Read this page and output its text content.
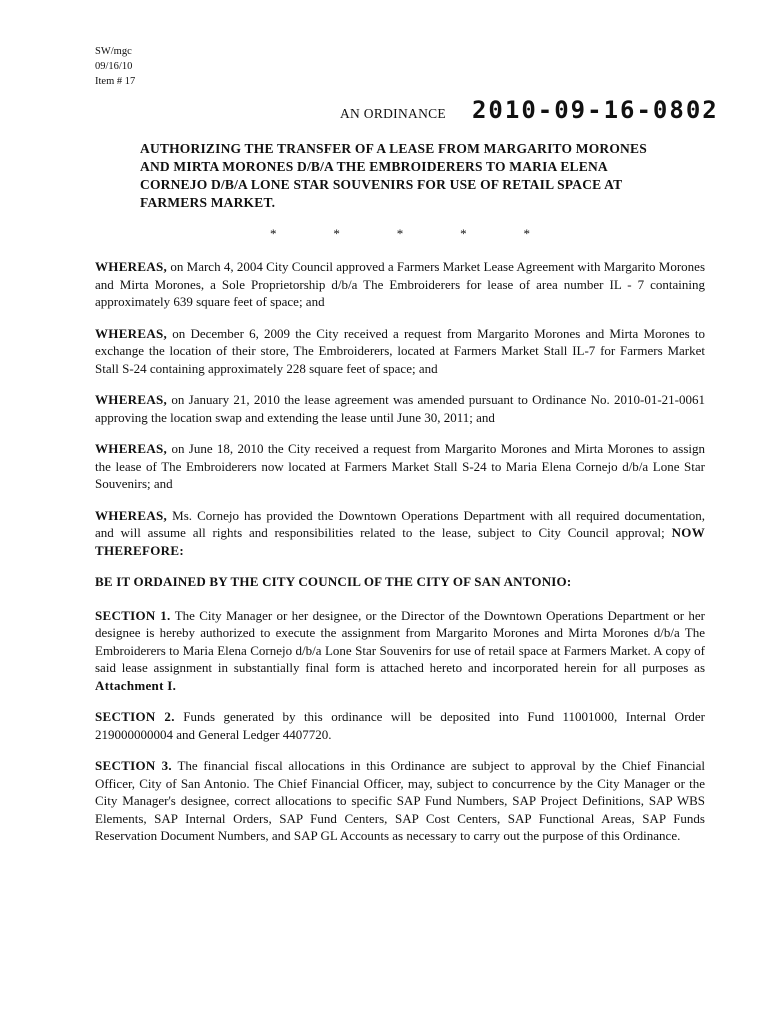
SW/mgc
09/16/10
Item # 17
AN ORDINANCE 2010-09-16-0802
AUTHORIZING THE TRANSFER OF A LEASE FROM MARGARITO MORONES AND MIRTA MORONES D/B/A THE EMBROIDERERS TO MARIA ELENA CORNEJO D/B/A LONE STAR SOUVENIRS FOR USE OF RETAIL SPACE AT FARMERS MARKET.
*	*	*	*	*

WHEREAS, on March 4, 2004 City Council approved a Farmers Market Lease Agreement with Margarito Morones and Mirta Morones, a Sole Proprietorship d/b/a The Embroiderers for lease of area number IL - 7 containing approximately 639 square feet of space; and

WHEREAS, on December 6, 2009 the City received a request from Margarito Morones and Mirta Morones to exchange the location of their store, The Embroiderers, located at Farmers Market Stall IL-7 for Farmers Market Stall S-24 containing approximately 228 square feet of space; and

WHEREAS, on January 21, 2010 the lease agreement was amended pursuant to Ordinance No. 2010-01-21-0061 approving the location swap and extending the lease until June 30, 2011; and

WHEREAS, on June 18, 2010 the City received a request from Margarito Morones and Mirta Morones to assign the lease of The Embroiderers now located at Farmers Market Stall S-24 to Maria Elena Cornejo d/b/a Lone Star Souvenirs; and

WHEREAS, Ms. Cornejo has provided the Downtown Operations Department with all required documentation, and will assume all rights and responsibilities related to the lease, subject to City Council approval; NOW THEREFORE:

BE IT ORDAINED BY THE CITY COUNCIL OF THE CITY OF SAN ANTONIO:

SECTION 1. The City Manager or her designee, or the Director of the Downtown Operations Department or her designee is hereby authorized to execute the assignment from Margarito Morones and Mirta Morones d/b/a The Embroiderers to Maria Elena Cornejo d/b/a Lone Star Souvenirs for use of retail space at Farmers Market. A copy of said lease assignment in substantially final form is attached hereto and incorporated herein for all purposes as Attachment I.

SECTION 2. Funds generated by this ordinance will be deposited into Fund 11001000, Internal Order 219000000004 and General Ledger 4407720.

SECTION 3. The financial fiscal allocations in this Ordinance are subject to approval by the Chief Financial Officer, City of San Antonio. The Chief Financial Officer, may, subject to concurrence by the City Manager or the City Manager's designee, correct allocations to specific SAP Fund Numbers, SAP Project Definitions, SAP WBS Elements, SAP Internal Orders, SAP Fund Centers, SAP Cost Centers, SAP Functional Areas, SAP Funds Reservation Document Numbers, and SAP GL Accounts as necessary to carry out the purpose of this Ordinance.
